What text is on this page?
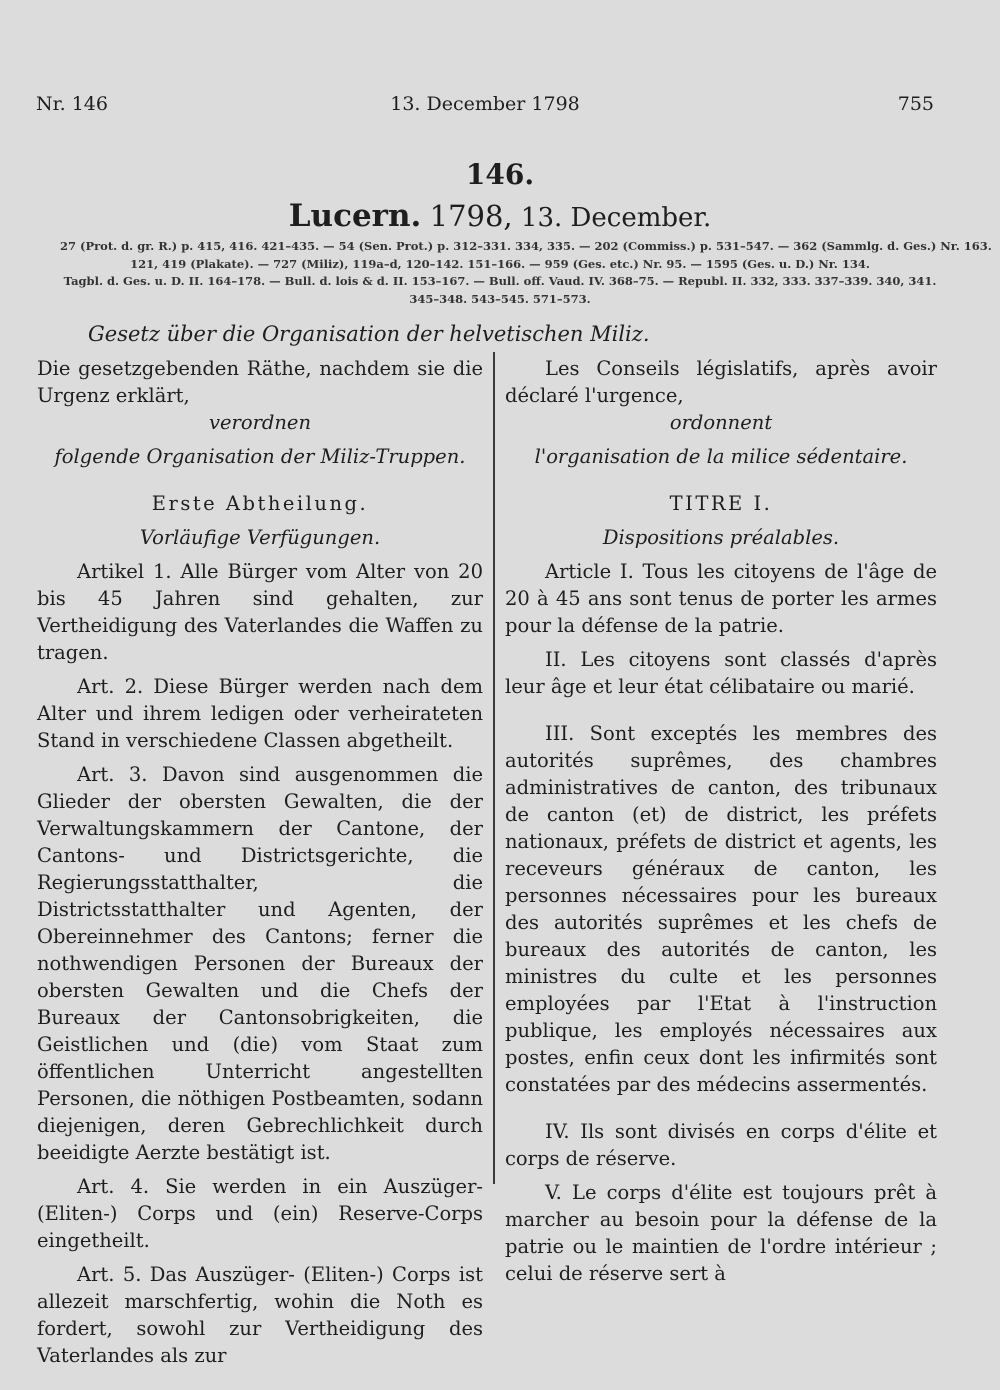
Nr. 146	13. December 1798	755
146.
Lucern. 1798, 13. December.
27 (Prot. d. gr. R.) p. 415, 416. 421–435. — 54 (Sen. Prot.) p. 312–331. 334, 335. — 202 (Commiss.) p. 531–547. — 362 (Sammlg. d. Ges.) Nr. 163.
121, 419 (Plakate). — 727 (Miliz), 119a–d, 120–142. 151–166. — 959 (Ges. etc.) Nr. 95. — 1595 (Ges. u. D.) Nr. 134.
Tagbl. d. Ges. u. D. II. 164–178. — Bull. d. lois & d. II. 153–167. — Bull. off. Vaud. IV. 368–75. — Republ. II. 332, 333. 337–339. 340, 341.
345–348. 543–545. 571–573.
Gesetz über die Organisation der helvetischen Miliz.

Die gesetzgebenden Räthe, nachdem sie die Urgenz erklärt,

verordnen

folgende Organisation der Miliz-Truppen.

Erste Abtheilung.

Vorläufige Verfügungen.

Artikel 1. Alle Bürger vom Alter von 20 bis 45 Jahren sind gehalten, zur Vertheidigung des Vaterlandes die Waffen zu tragen.

Art. 2. Diese Bürger werden nach dem Alter und ihrem ledigen oder verheirateten Stand in verschiedene Classen abgetheilt.

Art. 3. Davon sind ausgenommen die Glieder der obersten Gewalten, die der Verwaltungskammern der Cantone, der Cantons- und Districtsgerichte, die Regierungsstatthalter, die Districtsstatthalter und Agenten, der Obereinnehmer des Cantons; ferner die nothwendigen Personen der Bureaux der obersten Gewalten und die Chefs der Bureaux der Cantonsobrigkeiten, die Geistlichen und (die) vom Staat zum öffentlichen Unterricht angestellten Personen, die nöthigen Postbeamten, sodann diejenigen, deren Gebrechlichkeit durch beeidigte Aerzte bestätigt ist.

Art. 4. Sie werden in ein Auszüger- (Eliten-) Corps und (ein) Reserve-Corps eingetheilt.

Art. 5. Das Auszüger- (Eliten-) Corps ist allezeit marschfertig, wohin die Noth es fordert, sowohl zur Vertheidigung des Vaterlandes als zur

Les Conseils législatifs, après avoir déclaré l'urgence,

ordonnent

l'organisation de la milice sédentaire.

TITRE I.

Dispositions préalables.

Article I. Tous les citoyens de l'âge de 20 à 45 ans sont tenus de porter les armes pour la défense de la patrie.

II. Les citoyens sont classés d'après leur âge et leur état célibataire ou marié.

III. Sont exceptés les membres des autorités suprêmes, des chambres administratives de canton, des tribunaux de canton (et) de district, les préfets nationaux, préfets de district et agents, les receveurs généraux de canton, les personnes nécessaires pour les bureaux des autorités suprêmes et les chefs de bureaux des autorités de canton, les ministres du culte et les personnes employées par l'Etat à l'instruction publique, les employés nécessaires aux postes, enfin ceux dont les infirmités sont constatées par des médecins assermentés.

IV. Ils sont divisés en corps d'élite et corps de réserve.

V. Le corps d'élite est toujours prêt à marcher au besoin pour la défense de la patrie ou le maintien de l'ordre intérieur ; celui de réserve sert à
